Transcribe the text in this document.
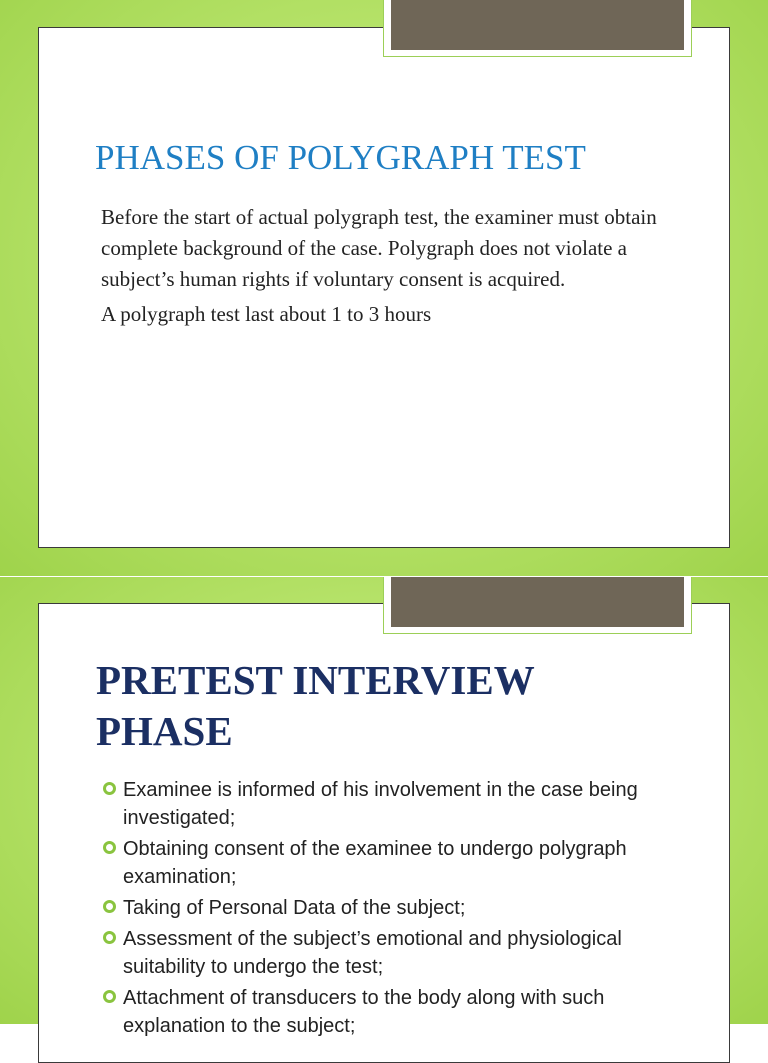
PHASES OF POLYGRAPH TEST

Before the start of actual polygraph test, the examiner must obtain complete background of the case. Polygraph does not violate a subject’s human rights if voluntary consent is acquired.

A polygraph test last about 1 to 3 hours

PRETEST INTERVIEW
PHASE
Examinee is informed of his involvement in the case being investigated;
Obtaining consent of the examinee to undergo polygraph examination;
Taking of Personal Data of the subject;
Assessment of the subject’s emotional and physiological suitability to undergo the test;
Attachment of transducers to the body along with such explanation to the subject;
